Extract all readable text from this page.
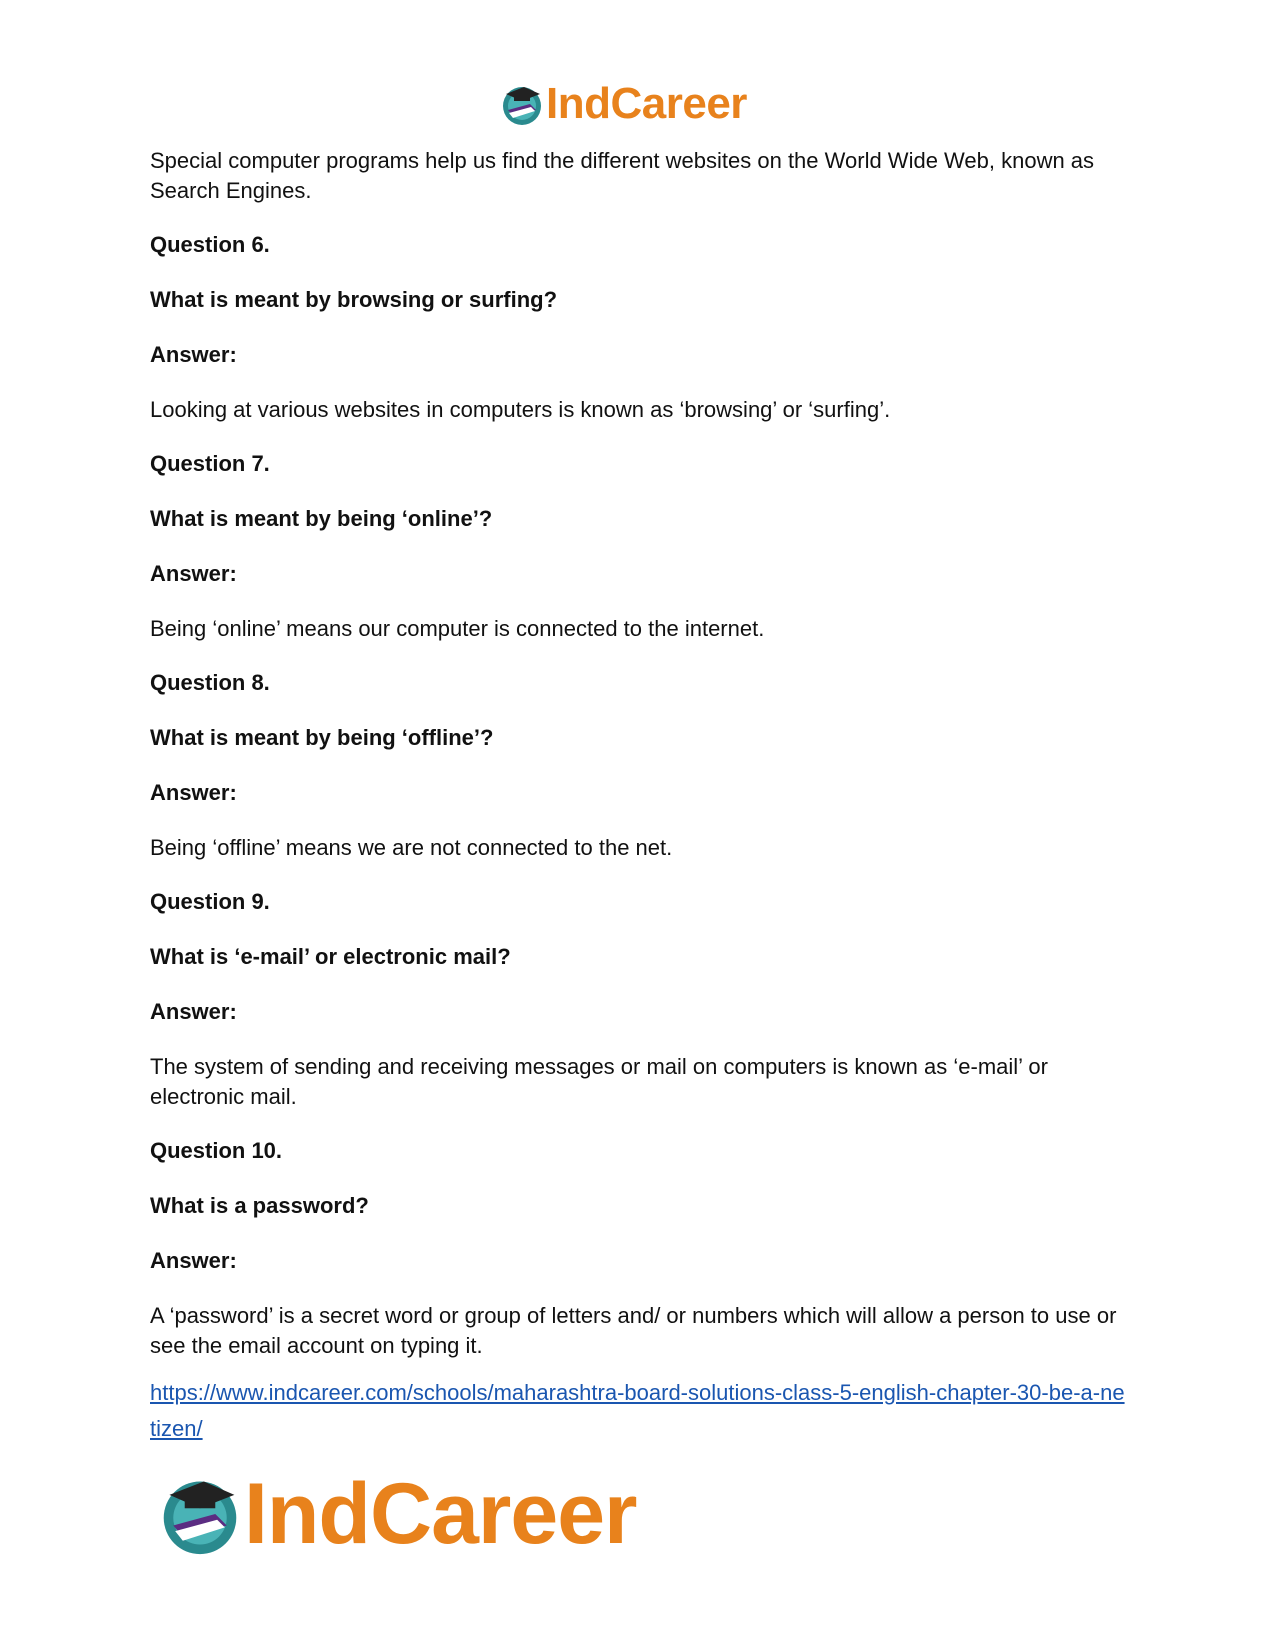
IndCareer

Special computer programs help us find the different websites on the World Wide Web, known as Search Engines.

Question 6.

What is meant by browsing or surfing?

Answer:

Looking at various websites in computers is known as ‘browsing’ or ‘surfing’.

Question 7.

What is meant by being ‘online’?

Answer:

Being ‘online’ means our computer is connected to the internet.

Question 8.

What is meant by being ‘offline’?

Answer:

Being ‘offline’ means we are not connected to the net.

Question 9.

What is ‘e-mail’ or electronic mail?

Answer:

The system of sending and receiving messages or mail on computers is known as ‘e-mail’ or electronic mail.

Question 10.

What is a password?

Answer:

A ‘password’ is a secret word or group of letters and/ or numbers which will allow a person to use or see the email account on typing it.

https://www.indcareer.com/schools/maharashtra-board-solutions-class-5-english-chapter-30-be-a-netizen/
IndCareer
